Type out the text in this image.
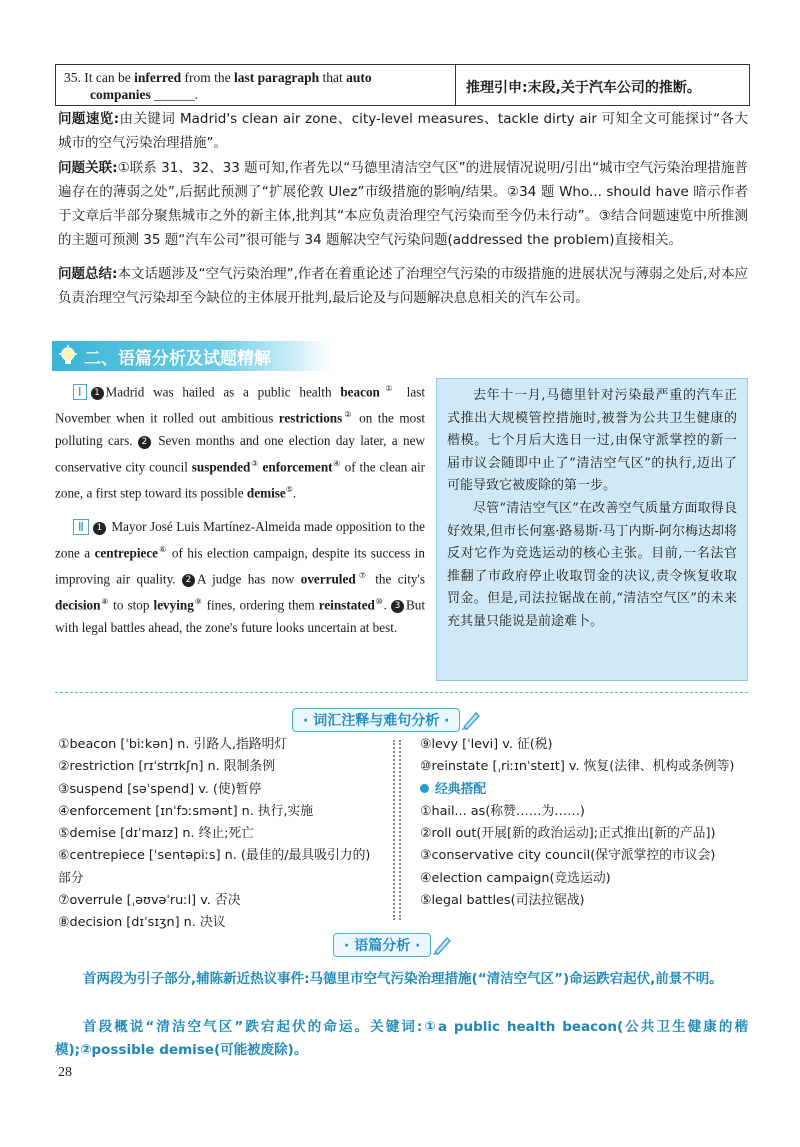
35. It can be inferred from the last paragraph that auto
companies ______.	推理引申:末段,关于汽车公司的推断。
问题速览:由关键词 Madrid's clean air zone、city-level measures、tackle dirty air 可知全文可能探讨“各大城市的空气污染治理措施”。
问题关联:①联系 31、32、33 题可知,作者先以“马德里清洁空气区”的进展情况说明/引出“城市空气污染治理措施普遍存在的薄弱之处”,后据此预测了“扩展伦敦 Ulez”市级措施的影响/结果。②34 题 Who... should have 暗示作者于文章后半部分聚焦城市之外的新主体,批判其“本应负责治理空气污染而至今仍未行动”。③结合问题速览中所推测的主题可预测 35 题“汽车公司”很可能与 34 题解决空气污染问题(addressed the problem)直接相关。
问题总结:本文话题涉及“空气污染治理”,作者在着重论述了治理空气污染的市级措施的进展状况与薄弱之处后,对本应负责治理空气污染却至今缺位的主体展开批判,最后论及与问题解决息息相关的汽车公司。
二、语篇分析及试题精解
Ⅰ 1 Madrid was hailed as a public health beacon① last November when it rolled out ambitious restrictions② on the most polluting cars. 2 Seven months and one election day later, a new conservative city council suspended③ enforcement④ of the clean air zone, a first step toward its possible demise⑤.
Ⅱ 1 Mayor José Luis Martínez-Almeida made opposition to the zone a centrepiece⑥ of his election campaign, despite its success in improving air quality. 2 A judge has now overruled⑦ the city's decision⑧ to stop levying⑨ fines, ordering them reinstated⑩. 3 But with legal battles ahead, the zone's future looks uncertain at best.
去年十一月,马德里针对污染最严重的汽车正式推出大规模管控措施时,被誉为公共卫生健康的楷模。七个月后大选日一过,由保守派掌控的新一届市议会随即中止了“清洁空气区”的执行,迈出了可能导致它被废除的第一步。
尽管“清洁空气区”在改善空气质量方面取得良好效果,但市长何塞·路易斯·马丁内斯-阿尔梅达却将反对它作为竞选运动的核心主张。目前,一名法官推翻了市政府停止收取罚金的决议,责令恢复收取罚金。但是,司法拉锯战在前,“清洁空气区”的未来充其量只能说是前途难卜。
· 词汇注释与难句分析 ·
①beacon [ˈbiːkən] n. 引路人,指路明灯
②restriction [rɪˈstrɪkʃn] n. 限制条例
③suspend [səˈspend] v. (使)暂停
④enforcement [ɪnˈfɔːsmənt] n. 执行,实施
⑤demise [dɪˈmaɪz] n. 终止;死亡
⑥centrepiece [ˈsentəpiːs] n. (最佳的/最具吸引力的)
部分
⑦overrule [ˌəʊvəˈruːl] v. 否决
⑧decision [dɪˈsɪʒn] n. 决议
⑨levy [ˈlevi] v. 征(税)
⑩reinstate [ˌriːɪnˈsteɪt] v. 恢复(法律、机构或条例等)
经典搭配
①hail... as(称赞……为……)
②roll out(开展[新的政治运动];正式推出[新的产品])
③conservative city council(保守派掌控的市议会)
④election campaign(竞选运动)
⑤legal battles(司法拉锯战)
· 语篇分析 ·
首两段为引子部分,辅陈新近热议事件:马德里市空气污染治理措施(“清洁空气区”)命运跌宕起伏,前景不明。
首段概说“清洁空气区”跌宕起伏的命运。关键词:①a public health beacon(公共卫生健康的楷模);②possible demise(可能被废除)。
28
